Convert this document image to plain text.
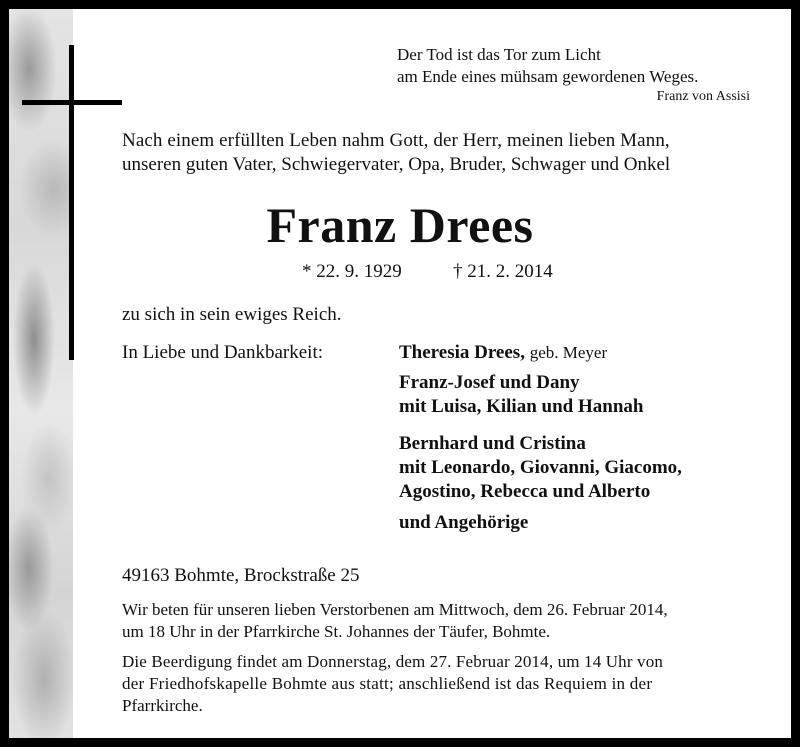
Der Tod ist das Tor zum Licht
am Ende eines mühsam gewordenen Weges.
Franz von Assisi
Nach einem erfüllten Leben nahm Gott, der Herr, meinen lieben Mann,
unseren guten Vater, Schwiegervater, Opa, Bruder, Schwager und Onkel
Franz Drees
* 22. 9. 1929	† 21. 2. 2014
zu sich in sein ewiges Reich.
In Liebe und Dankbarkeit:	Theresia Drees, geb. Meyer
Franz-Josef und Dany
mit Luisa, Kilian und Hannah
Bernhard und Cristina
mit Leonardo, Giovanni, Giacomo,
Agostino, Rebecca und Alberto
und Angehörige
49163 Bohmte, Brockstraße 25
Wir beten für unseren lieben Verstorbenen am Mittwoch, dem 26. Februar 2014,
um 18 Uhr in der Pfarrkirche St. Johannes der Täufer, Bohmte.
Die Beerdigung findet am Donnerstag, dem 27. Februar 2014, um 14 Uhr von
der Friedhofskapelle Bohmte aus statt; anschließend ist das Requiem in der
Pfarrkirche.
